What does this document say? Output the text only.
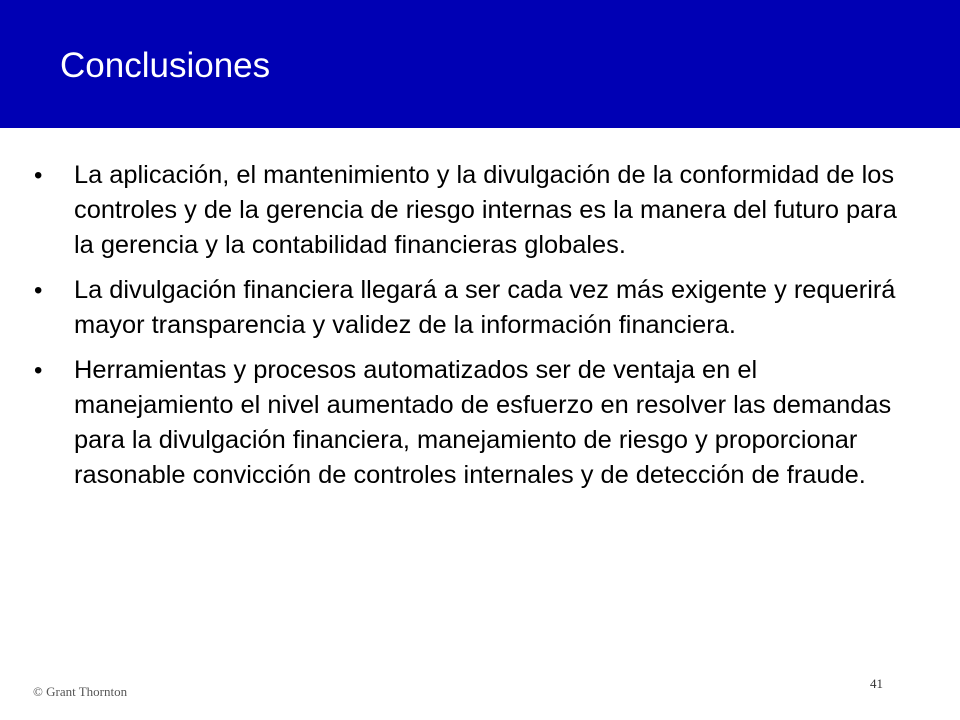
Conclusiones
• La aplicación, el mantenimiento y la divulgación de la conformidad de los controles y de la gerencia de riesgo internas es la manera del futuro para la gerencia y la contabilidad financieras globales.
• La divulgación financiera llegará a ser cada vez más exigente y requerirá mayor transparencia y validez de la información financiera.
• Herramientas y procesos automatizados ser de ventaja en el manejamiento el nivel aumentado de esfuerzo en resolver las demandas para la divulgación financiera, manejamiento de riesgo y proporcionar rasonable convicción de controles internales y de detección de fraude.
© Grant Thornton
41
